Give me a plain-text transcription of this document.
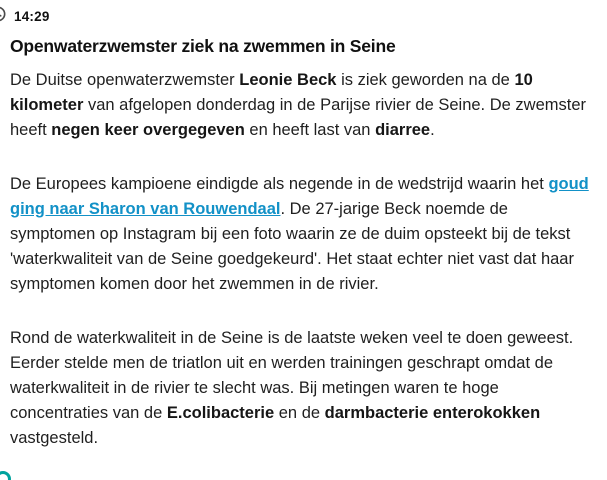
14:29
Openwaterzwemster ziek na zwemmen in Seine

De Duitse openwaterzwemster Leonie Beck is ziek geworden na de 10 kilometer van afgelopen donderdag in de Parijse rivier de Seine. De zwemster heeft negen keer overgegeven en heeft last van diarree.

De Europees kampioene eindigde als negende in de wedstrijd waarin het goud ging naar Sharon van Rouwendaal. De 27-jarige Beck noemde de symptomen op Instagram bij een foto waarin ze de duim opsteekt bij de tekst 'waterkwaliteit van de Seine goedgekeurd'. Het staat echter niet vast dat haar symptomen komen door het zwemmen in de rivier.

Rond de waterkwaliteit in de Seine is de laatste weken veel te doen geweest. Eerder stelde men de triatlon uit en werden trainingen geschrapt omdat de waterkwaliteit in de rivier te slecht was. Bij metingen waren te hoge concentraties van de E.colibacterie en de darmbacterie enterokokken vastgesteld.
